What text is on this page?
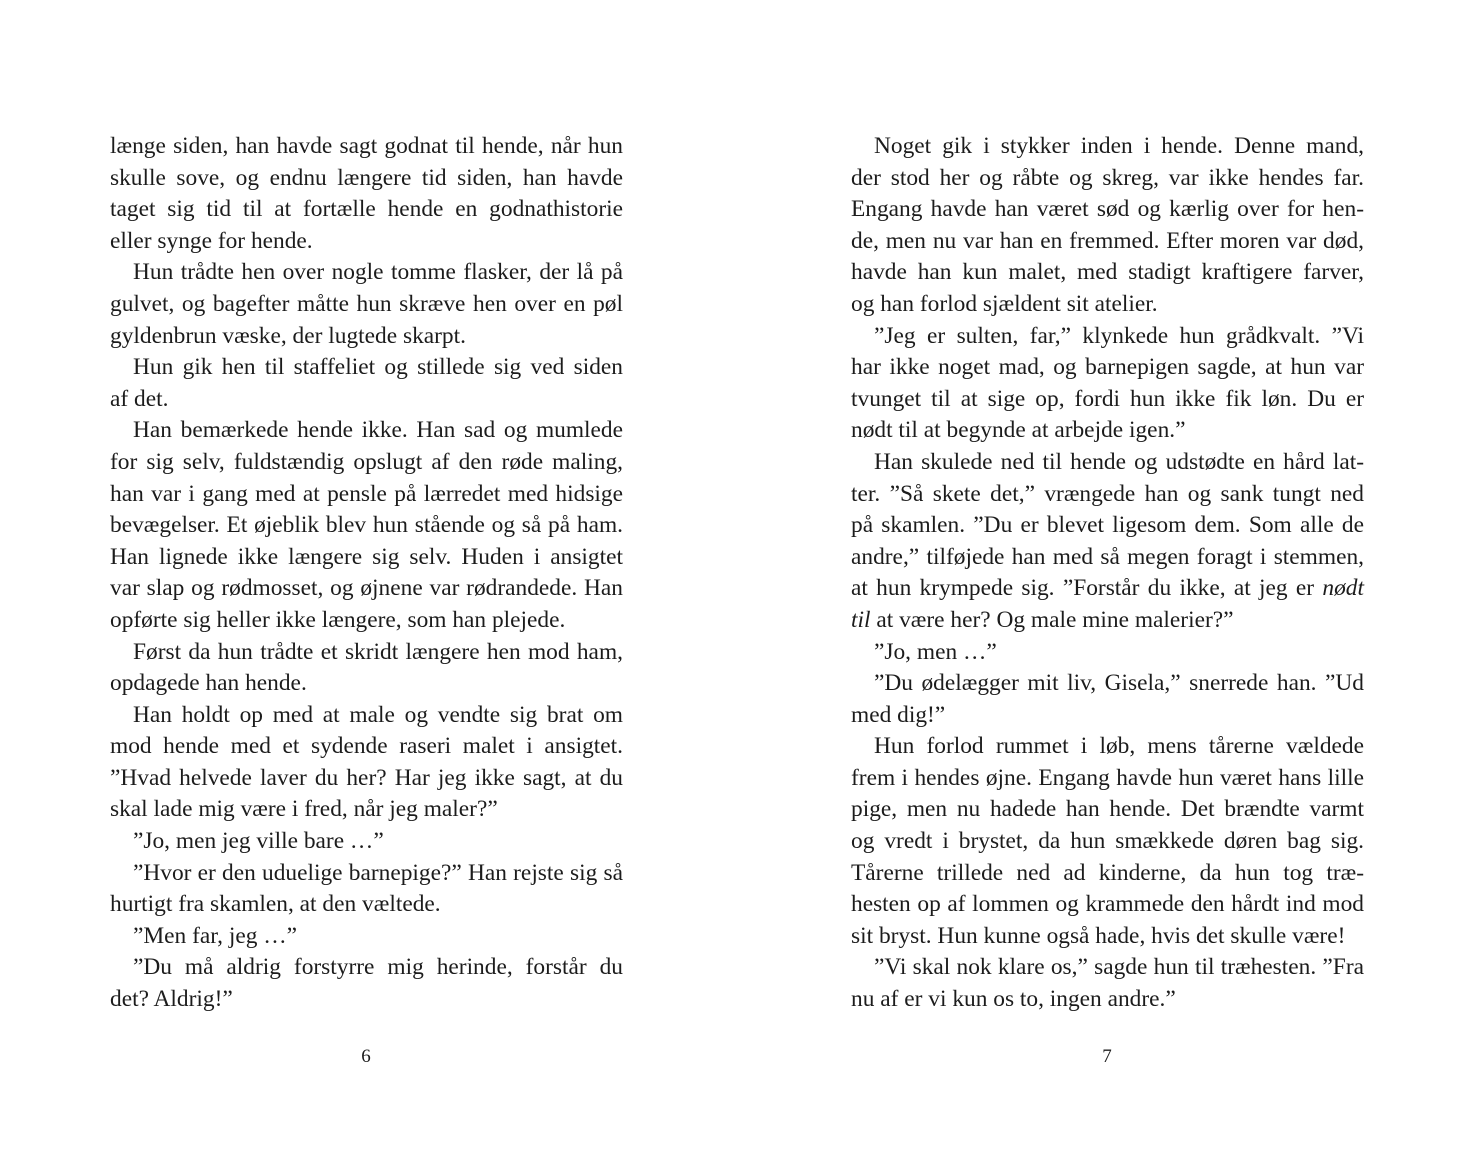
længe siden, han havde sagt godnat til hende, når hun
skulle sove, og endnu længere tid siden, han havde
taget sig tid til at fortælle hende en godnathistorie
eller synge for hende.

Hun trådte hen over nogle tomme flasker, der lå på
gulvet, og bagefter måtte hun skræve hen over en pøl
gyldenbrun væske, der lugtede skarpt.

Hun gik hen til staffeliet og stillede sig ved siden
af det.

Han bemærkede hende ikke. Han sad og mumlede
for sig selv, fuldstændig opslugt af den røde maling,
han var i gang med at pensle på lærredet med hidsige
bevægelser. Et øjeblik blev hun stående og så på ham.
Han lignede ikke længere sig selv. Huden i ansigtet
var slap og rødmosset, og øjnene var rødrandede. Han
opførte sig heller ikke længere, som han plejede.

Først da hun trådte et skridt længere hen mod ham,
opdagede han hende.

Han holdt op med at male og vendte sig brat om
mod hende med et sydende raseri malet i ansigtet.
”Hvad helvede laver du her? Har jeg ikke sagt, at du
skal lade mig være i fred, når jeg maler?”

”Jo, men jeg ville bare …”

”Hvor er den uduelige barnepige?” Han rejste sig så
hurtigt fra skamlen, at den væltede.

”Men far, jeg …”

”Du må aldrig forstyrre mig herinde, forstår du
det? Aldrig!”

6

Noget gik i stykker inden i hende. Denne mand,
der stod her og råbte og skreg, var ikke hendes far.
Engang havde han været sød og kærlig over for hen-
de, men nu var han en fremmed. Efter moren var død,
havde han kun malet, med stadigt kraftigere farver,
og han forlod sjældent sit atelier.

”Jeg er sulten, far,” klynkede hun grådkvalt. ”Vi
har ikke noget mad, og barnepigen sagde, at hun var
tvunget til at sige op, fordi hun ikke fik løn. Du er
nødt til at begynde at arbejde igen.”

Han skulede ned til hende og udstødte en hård lat-
ter. ”Så skete det,” vrængede han og sank tungt ned
på skamlen. ”Du er blevet ligesom dem. Som alle de
andre,” tilføjede han med så megen foragt i stemmen,
at hun krympede sig. ”Forstår du ikke, at jeg er nødt
til at være her? Og male mine malerier?”

”Jo, men …”

”Du ødelægger mit liv, Gisela,” snerrede han. ”Ud
med dig!”

Hun forlod rummet i løb, mens tårerne vældede
frem i hendes øjne. Engang havde hun været hans lille
pige, men nu hadede han hende. Det brændte varmt
og vredt i brystet, da hun smækkede døren bag sig.
Tårerne trillede ned ad kinderne, da hun tog træ-
hesten op af lommen og krammede den hårdt ind mod
sit bryst. Hun kunne også hade, hvis det skulle være!

”Vi skal nok klare os,” sagde hun til træhesten. ”Fra
nu af er vi kun os to, ingen andre.”

7
